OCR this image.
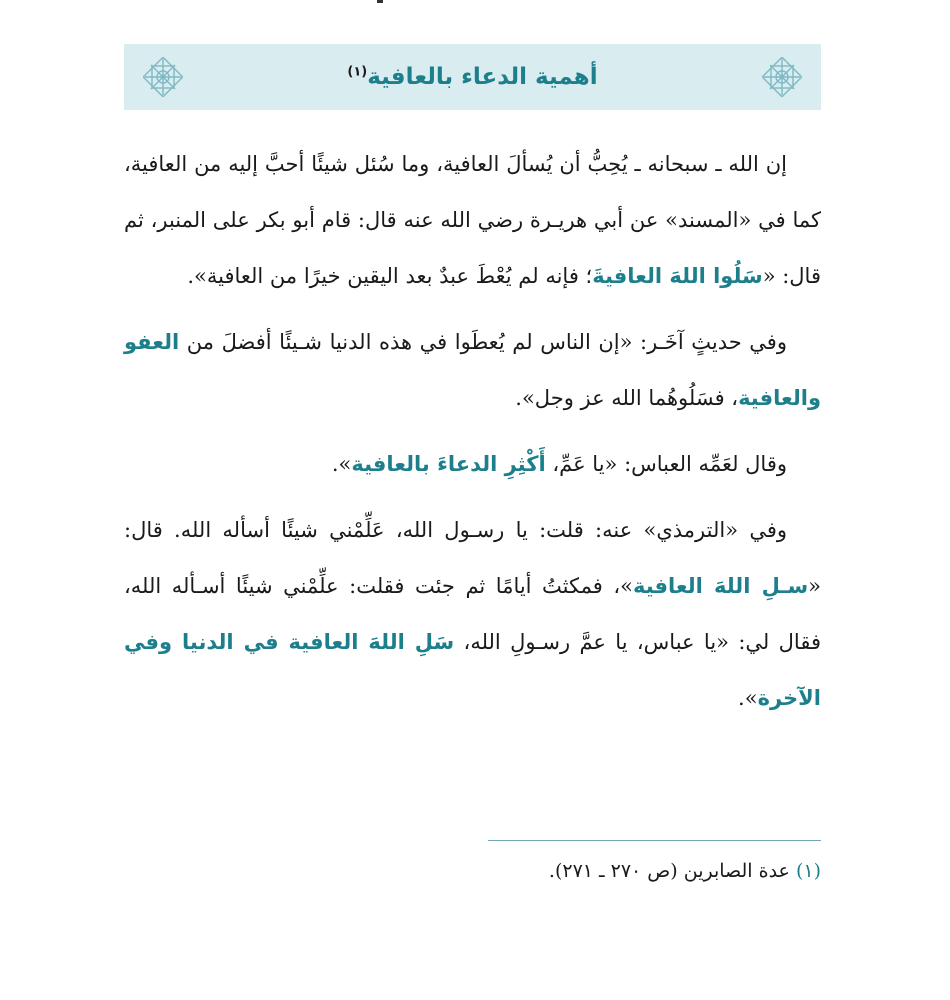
أهمية الدعاء بالعافية$^{(١)}$

إن الله ـ سبحانه ـ يُحِبُّ أن يُسألَ العافية، وما سُئل شيئًا أحبَّ إليه من العافية، كما في «المسند» عن أبي هريـرة رضي الله عنه قال: قام أبو بكر على المنبر، ثم قال: «سَلُوا اللهَ العافيةَ؛ فإنه لم يُعْطَ عبدٌ بعد اليقين خيرًا من العافية».

وفي حديثٍ آخَـر: «إن الناس لم يُعطَوا في هذه الدنيا شـيئًا أفضلَ من العفو والعافية، فسَلُوهُما الله عز وجل».

وقال لعَمِّه العباس: «يا عَمِّ، أَكْثِرِ الدعاءَ بالعافية».

وفي «الترمذي» عنه: قلت: يا رسـول الله، عَلِّمْني شيئًا أسأله الله. قال: «سـلِ اللهَ العافية»، فمكثتُ أيامًا ثم جئت فقلت: علِّمْني شيئًا أسـأله الله، فقال لي: «يا عباس، يا عمَّ رسـولِ الله، سَلِ اللهَ العافية في الدنيا وفي الآخرة».

(١) عدة الصابرين (ص ٢٧٠ ـ ٢٧١).
